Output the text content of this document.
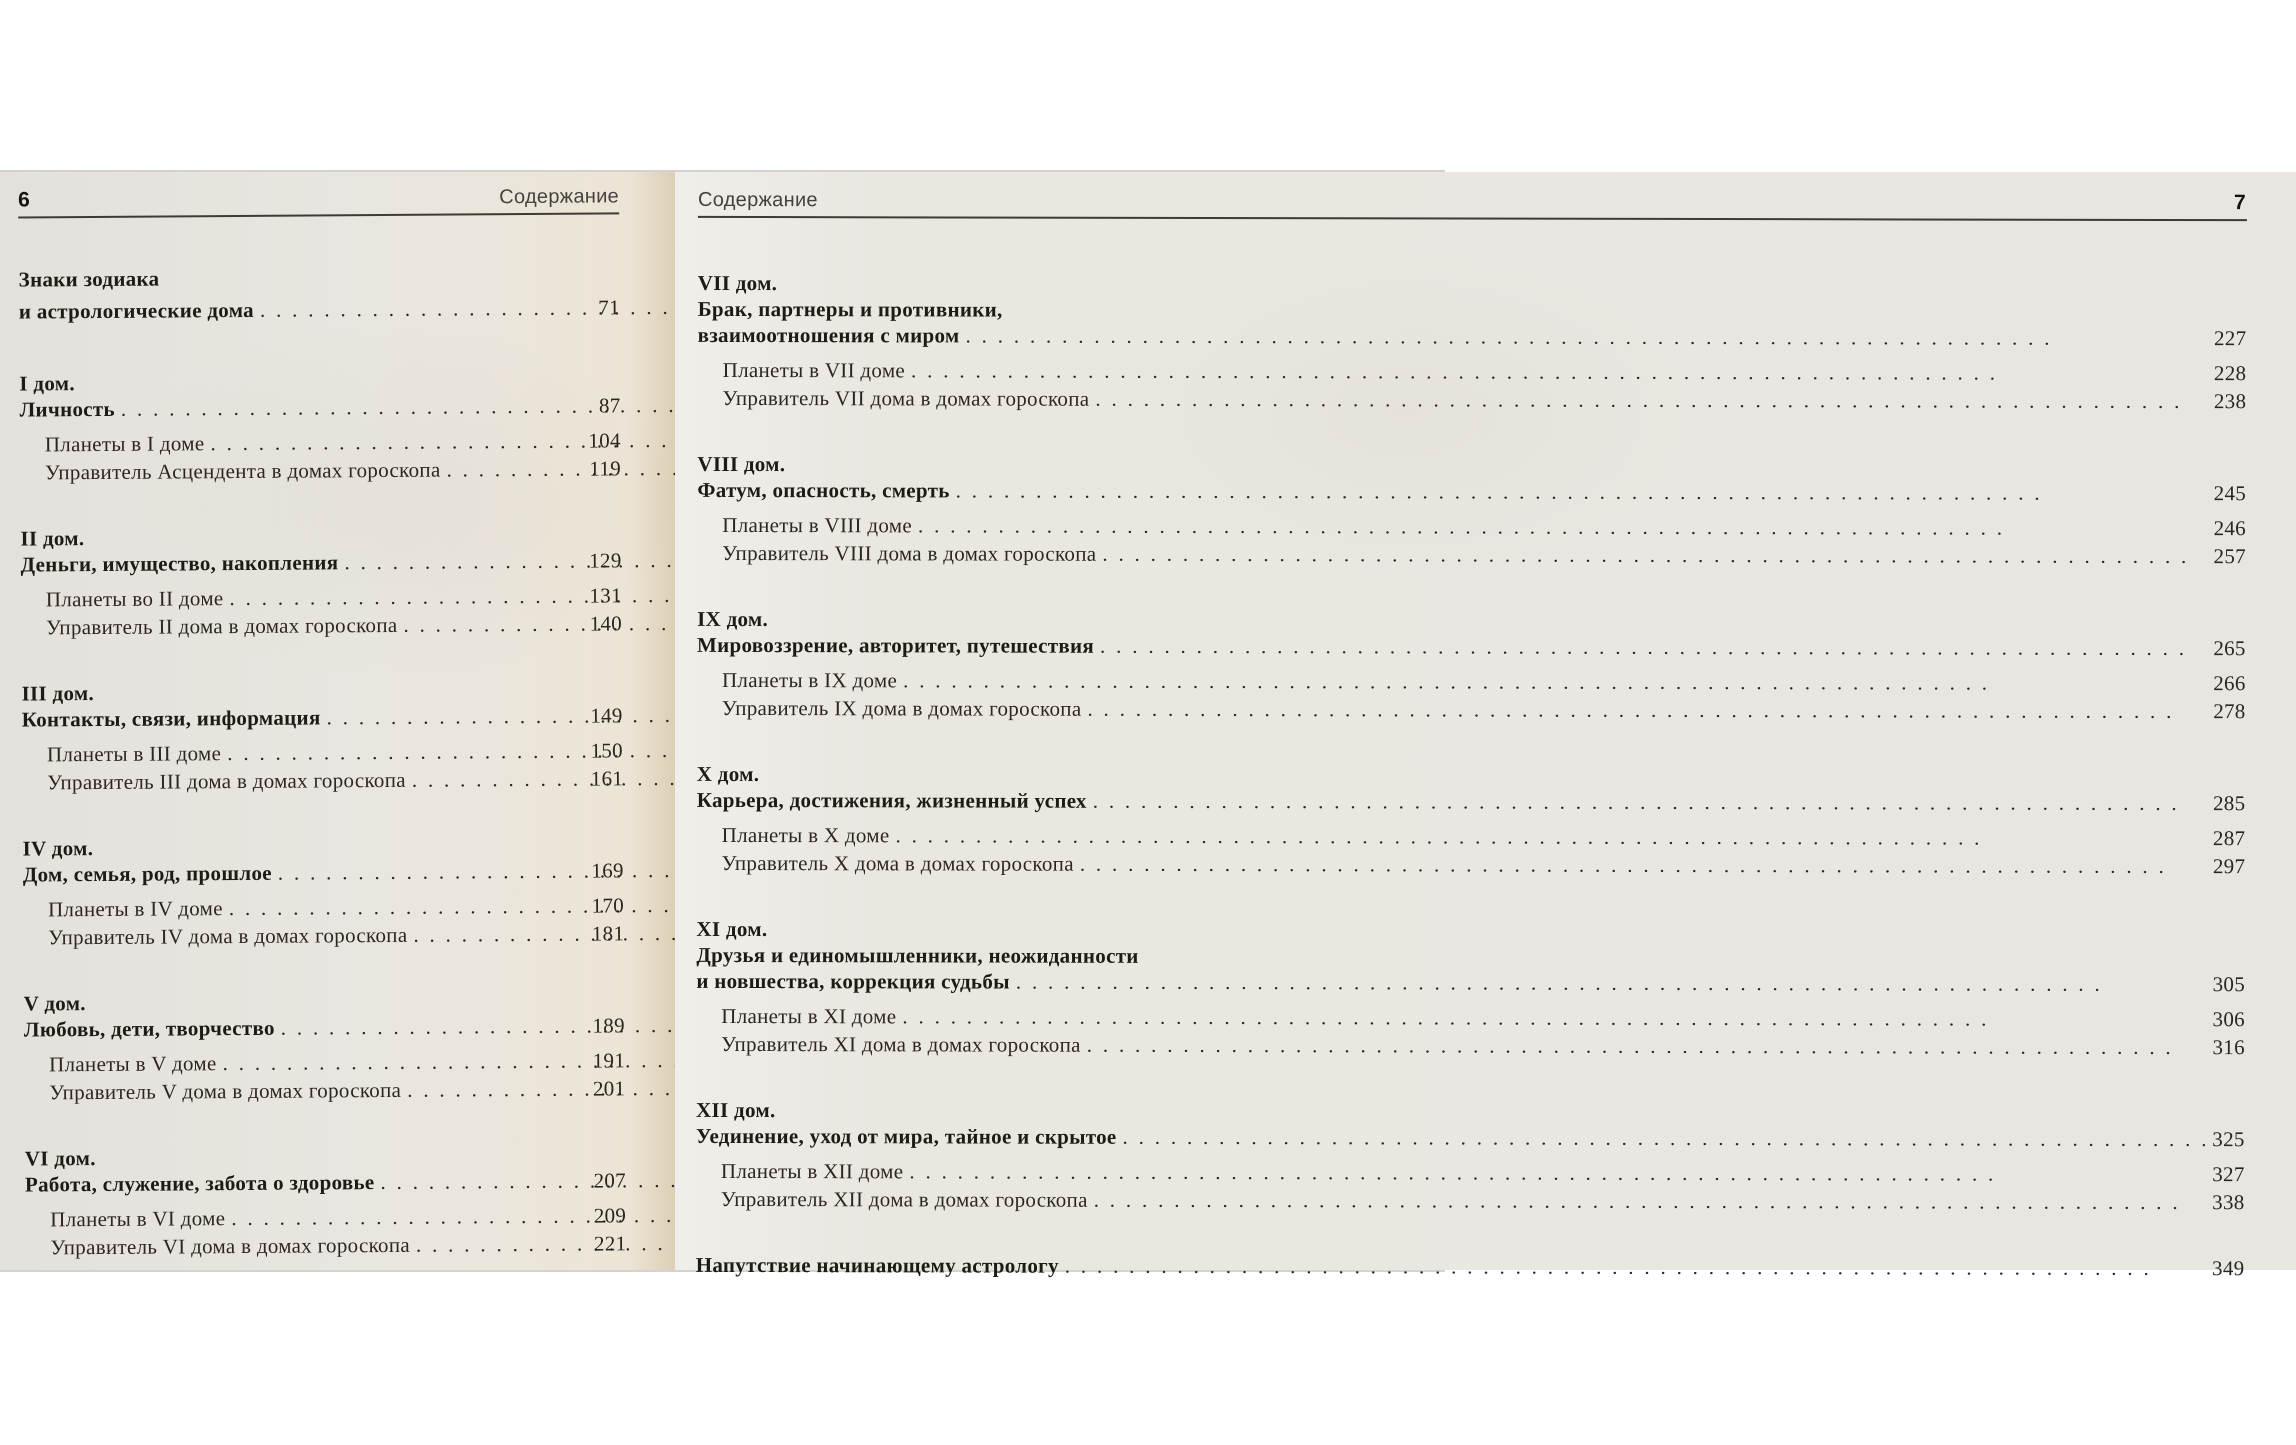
6	Содержание
Знаки зодиака
и астрологические дома . . .	71
I дом.
Личность . . .	87
Планеты в I доме . . .	104
Управитель Асцендента в домах гороскопа . . .	119
II дом.
Деньги, имущество, накопления . . .	129
Планеты во II доме . . .	131
Управитель II дома в домах гороскопа . . .	140
III дом.
Контакты, связи, информация . . .	149
Планеты в III доме . . .	150
Управитель III дома в домах гороскопа . . .	161
IV дом.
Дом, семья, род, прошлое . . .	169
Планеты в IV доме . . .	170
Управитель IV дома в домах гороскопа . . .	181
V дом.
Любовь, дети, творчество . . .	189
Планеты в V доме . . .	191
Управитель V дома в домах гороскопа . . .	201
VI дом.
Работа, служение, забота о здоровье . . .	207
Планеты в VI доме . . .	209
Управитель VI дома в домах гороскопа . . .	221
Содержание	7
VII дом.
Брак, партнеры и противники,
взаимоотношения с миром . . .	227
Планеты в VII доме . . .	228
Управитель VII дома в домах гороскопа . . .	238
VIII дом.
Фатум, опасность, смерть . . .	245
Планеты в VIII доме . . .	246
Управитель VIII дома в домах гороскопа . . .	257
IX дом.
Мировоззрение, авторитет, путешествия . . .	265
Планеты в IX доме . . .	266
Управитель IX дома в домах гороскопа . . .	278
X дом.
Карьера, достижения, жизненный успех . . .	285
Планеты в X доме . . .	287
Управитель X дома в домах гороскопа . . .	297
XI дом.
Друзья и единомышленники, неожиданности
и новшества, коррекция судьбы . . .	305
Планеты в XI доме . . .	306
Управитель XI дома в домах гороскопа . . .	316
XII дом.
Уединение, уход от мира, тайное и скрытое . . .	325
Планеты в XII доме . . .	327
Управитель XII дома в домах гороскопа . . .	338
Напутствие начинающему астрологу . . .	349
